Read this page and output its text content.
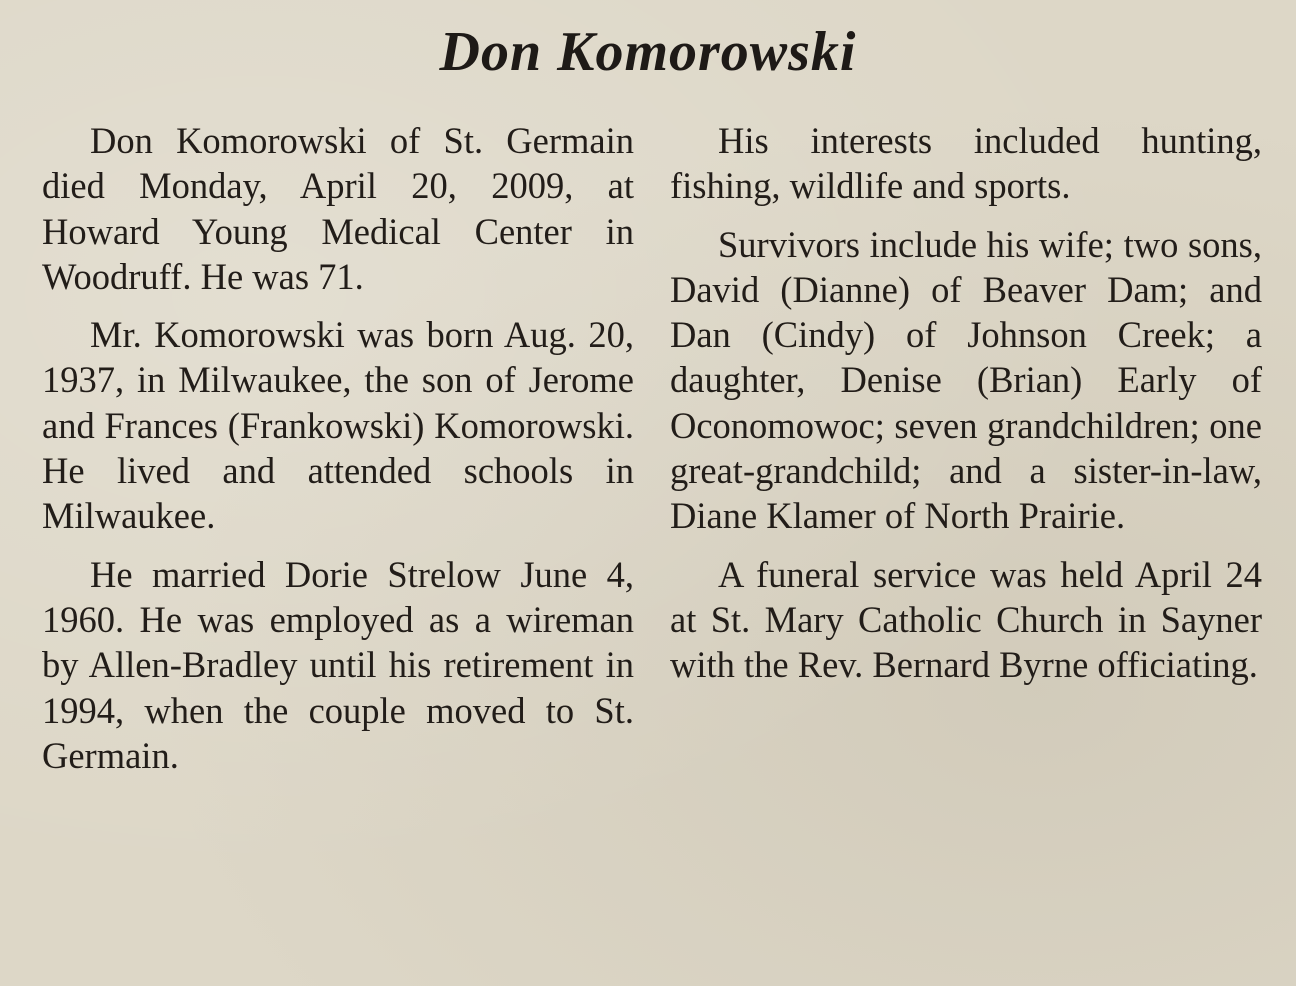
Don Komorowski

Don Komorowski of St. Germain died Monday, April 20, 2009, at Howard Young Medical Center in Woodruff. He was 71.

Mr. Komorowski was born Aug. 20, 1937, in Milwaukee, the son of Jerome and Frances (Frankowski) Komorowski. He lived and attended schools in Milwaukee.

He married Dorie Strelow June 4, 1960. He was employed as a wireman by Allen-Bradley until his retirement in 1994, when the couple moved to St. Germain.

His interests included hunting, fishing, wildlife and sports.

Survivors include his wife; two sons, David (Dianne) of Beaver Dam; and Dan (Cindy) of Johnson Creek; a daughter, Denise (Brian) Early of Oconomowoc; seven grandchildren; one great-grandchild; and a sister-in-law, Diane Klamer of North Prairie.

A funeral service was held April 24 at St. Mary Catholic Church in Sayner with the Rev. Bernard Byrne officiating.
